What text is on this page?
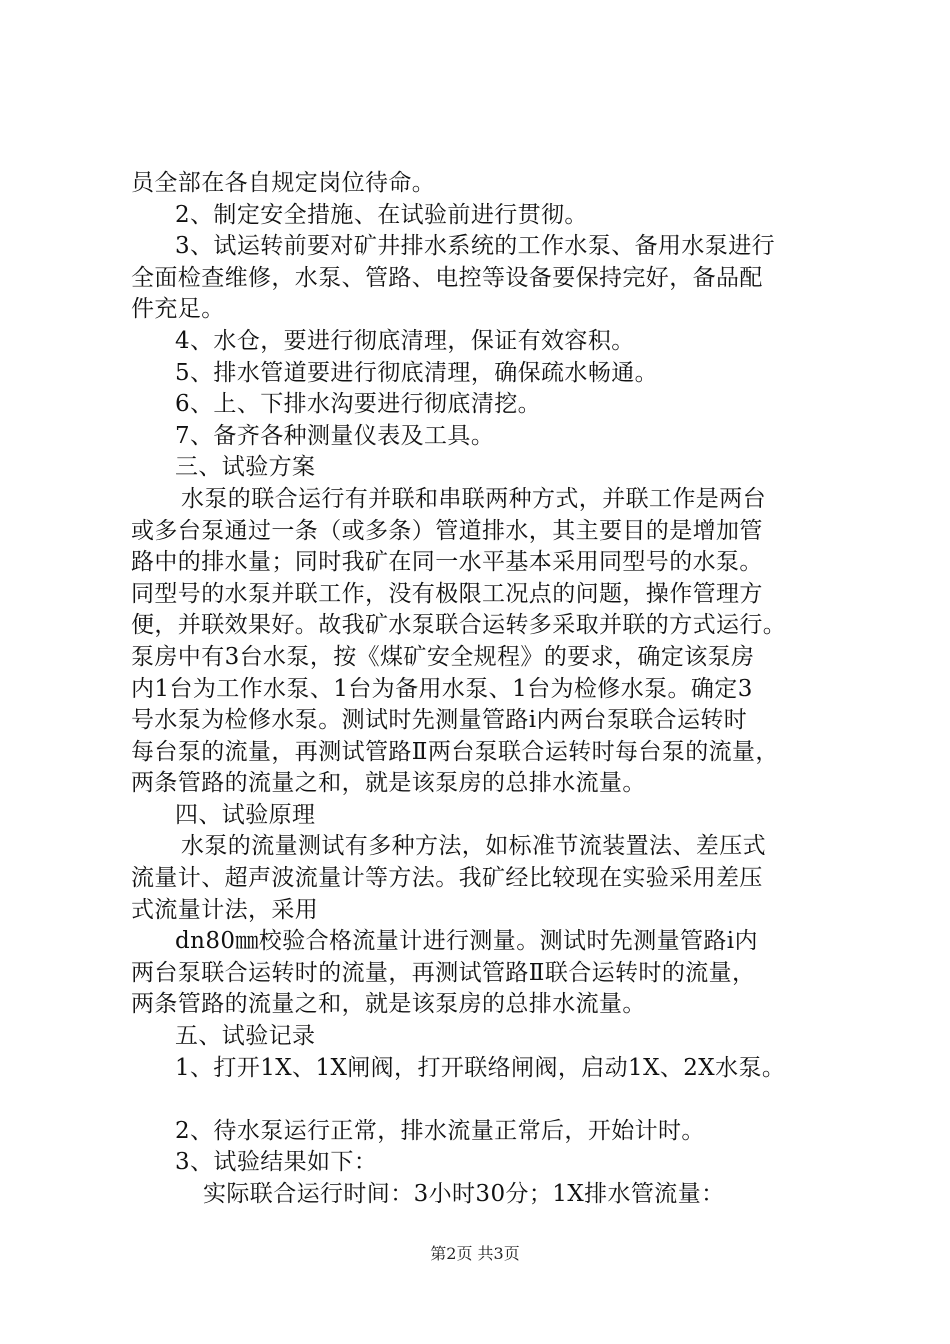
员全部在各自规定岗位待命。
2、制定安全措施、在试验前进行贯彻。
3、试运转前要对矿井排水系统的工作水泵、备用水泵进行
全面检查维修，水泵、管路、电控等设备要保持完好，备品配
件充足。
4、水仓，要进行彻底清理，保证有效容积。
5、排水管道要进行彻底清理，确保疏水畅通。
6、上、下排水沟要进行彻底清挖。
7、备齐各种测量仪表及工具。
三、试验方案
水泵的联合运行有并联和串联两种方式，并联工作是两台
或多台泵通过一条（或多条）管道排水，其主要目的是增加管
路中的排水量；同时我矿在同一水平基本采用同型号的水泵。
同型号的水泵并联工作，没有极限工况点的问题，操作管理方
便，并联效果好。故我矿水泵联合运转多采取并联的方式运行。
泵房中有3台水泵，按《煤矿安全规程》的要求，确定该泵房
内1台为工作水泵、1台为备用水泵、1台为检修水泵。确定3
号水泵为检修水泵。测试时先测量管路ⅰ内两台泵联合运转时
每台泵的流量，再测试管路Ⅱ两台泵联合运转时每台泵的流量，
两条管路的流量之和，就是该泵房的总排水流量。
四、试验原理
水泵的流量测试有多种方法，如标准节流装置法、差压式
流量计、超声波流量计等方法。我矿经比较现在实验采用差压
式流量计法，采用
dn80㎜校验合格流量计进行测量。测试时先测量管路ⅰ内
两台泵联合运转时的流量，再测试管路Ⅱ联合运转时的流量，
两条管路的流量之和，就是该泵房的总排水流量。
五、试验记录
1、打开1X、1X闸阀，打开联络闸阀，启动1X、2X水泵。
2、待水泵运行正常，排水流量正常后，开始计时。
3、试验结果如下：
实际联合运行时间：3小时30分；1X排水管流量：
第2页 共3页
